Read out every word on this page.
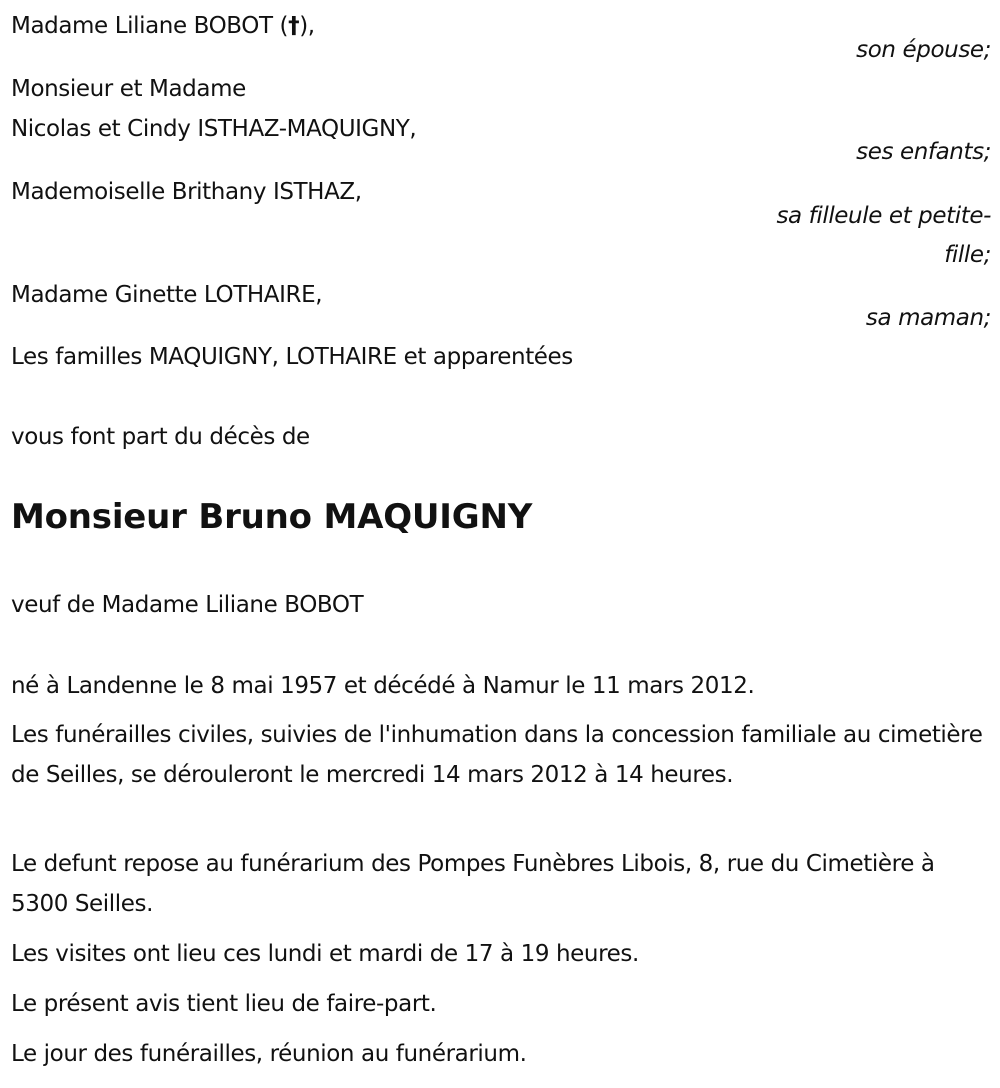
Madame Liliane BOBOT (†),
son épouse;
Monsieur et Madame
Nicolas et Cindy ISTHAZ-MAQUIGNY,
ses enfants;
Mademoiselle Brithany ISTHAZ,
sa filleule et petite-
fille;
Madame Ginette LOTHAIRE,
sa maman;
Les familles MAQUIGNY, LOTHAIRE et apparentées
vous font part du décès de
Monsieur Bruno MAQUIGNY
veuf de Madame Liliane BOBOT
né à Landenne le 8 mai 1957 et décédé à Namur le 11 mars 2012.
Les funérailles civiles, suivies de l'inhumation dans la concession familiale au cimetière de Seilles, se dérouleront le mercredi 14 mars 2012 à 14 heures.
Le defunt repose au funérarium des Pompes Funèbres Libois, 8, rue du Cimetière à 5300 Seilles.
Les visites ont lieu ces lundi et mardi de 17 à 19 heures.
Le présent avis tient lieu de faire-part.
Le jour des funérailles, réunion au funérarium.
